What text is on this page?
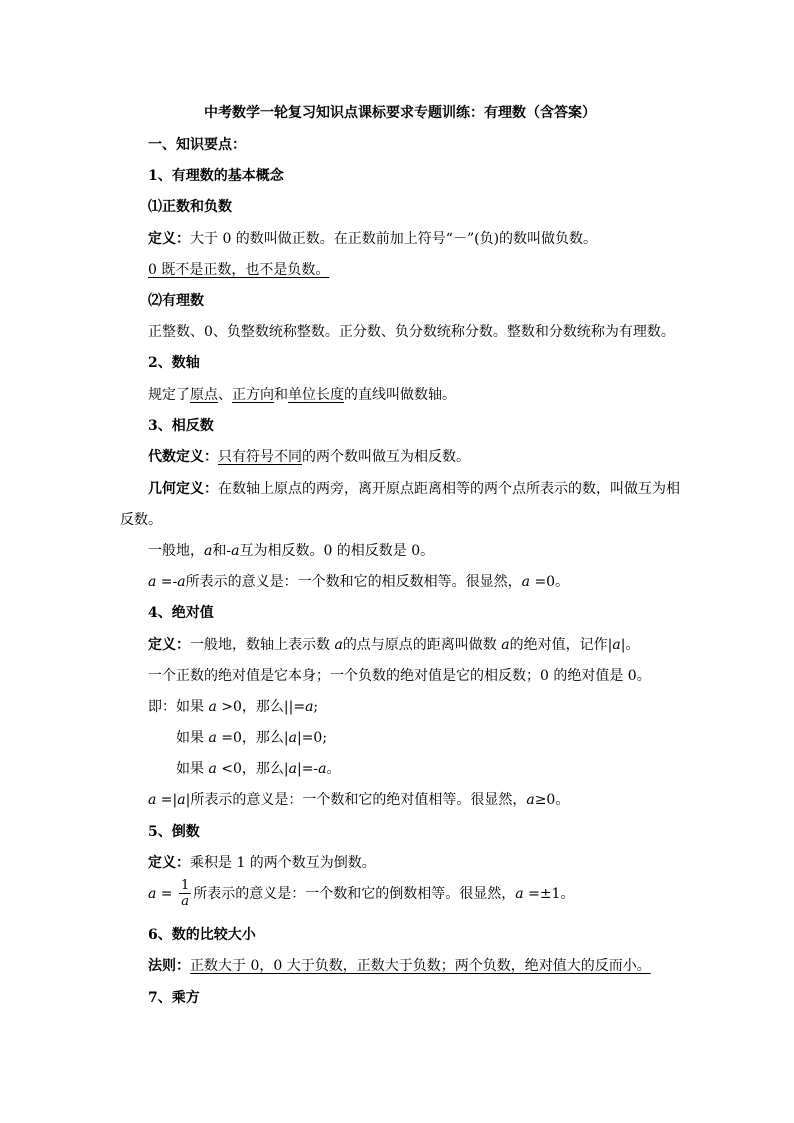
中考数学一轮复习知识点课标要求专题训练：有理数（含答案）
一、知识要点：
1、有理数的基本概念
⑴正数和负数
定义：大于 0 的数叫做正数。在正数前加上符号“－”(负)的数叫做负数。
0 既不是正数，也不是负数。
⑵有理数
正整数、0、负整数统称整数。正分数、负分数统称分数。整数和分数统称为有理数。
2、数轴
规定了原点、正方向和单位长度的直线叫做数轴。
3、相反数
代数定义：只有符号不同的两个数叫做互为相反数。
几何定义：在数轴上原点的两旁，离开原点距离相等的两个点所表示的数，叫做互为相
反数。
一般地，a和-a互为相反数。0 的相反数是 0。
a =-a所表示的意义是：一个数和它的相反数相等。很显然，a =0。
4、绝对值
定义：一般地，数轴上表示数 a的点与原点的距离叫做数 a的绝对值，记作|a|。
一个正数的绝对值是它本身；一个负数的绝对值是它的相反数；0 的绝对值是 0。
即：如果 a >0，那么||=a;
如果 a =0，那么|a|=0;
如果 a <0，那么|a|=-a。
a =|a|所表示的意义是：一个数和它的绝对值相等。很显然，a≥0。
5、倒数
定义：乘积是 1 的两个数互为倒数。
$a = \frac{1}{a}$ 所表示的意义是：一个数和它的倒数相等。很显然，a =±1。
6、数的比较大小
法则：正数大于 0，0 大于负数，正数大于负数；两个负数，绝对值大的反而小。
7、乘方
